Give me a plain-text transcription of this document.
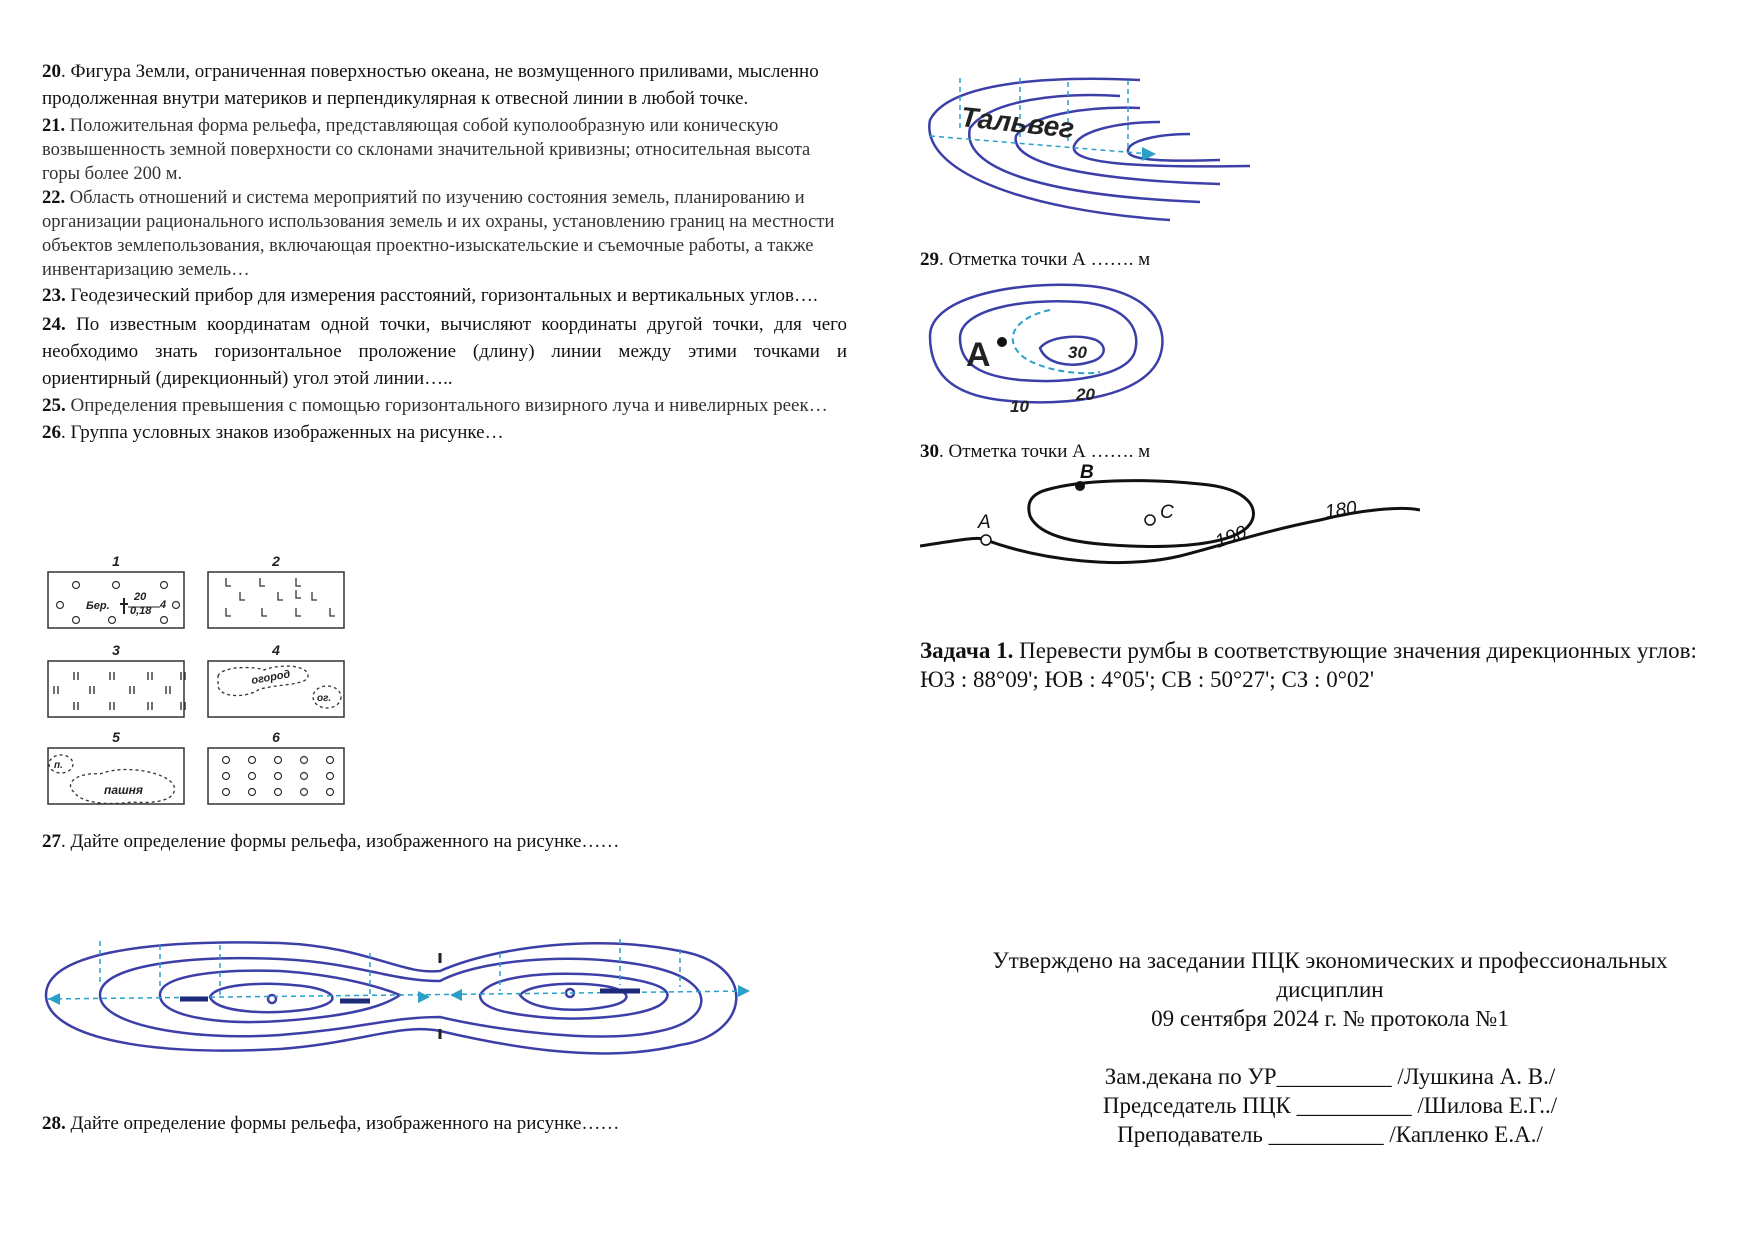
20. Фигура Земли, ограниченная поверхностью океана, не возмущенного приливами, мысленно продолженная внутри материков и перпендикулярная к отвесной линии в любой точке.

21. Положительная форма рельефа, представляющая собой куполообразную или коническую возвышенность земной поверхности со склонами значительной кривизны; относительная высота горы более 200 м.

22. Область отношений и система мероприятий по изучению состояния земель, планированию и организации рационального использования земель и их охраны, установлению границ на местности объектов землепользования, включающая проектно-изыскательские и съемочные работы, а также инвентаризацию земель…

23. Геодезический прибор для измерения расстояний, горизонтальных и вертикальных углов….

24. По известным координатам одной точки, вычисляют координаты другой точки, для чего необходимо знать горизонтальное проложение (длину) линии между этими точками и ориентирный (дирекционный) угол этой линии…..

25. Определения превышения с помощью горизонтального визирного луча и нивелирных реек…

26. Группа условных знаков изображенных на рисунке…

1	2
3	4
5	6
Бер.
20
0,18 4
огород
ог.
п.
пашня

27. Дайте определение формы рельефа, изображенного на рисунке……

28. Дайте определение формы рельефа, изображенного на рисунке……

Тальвег

29. Отметка точки А ……. м

A	30
20
10

30. Отметка точки А ……. м

A
B
C
190
180
Задача 1. Перевести румбы в соответствующие значения дирекционных углов:
ЮЗ : 88°09'; ЮВ : 4°05'; СВ : 50°27'; СЗ : 0°02'
Утверждено на заседании ПЦК экономических и профессиональных
дисциплин
09 сентября 2024 г. № протокола №1
Зам.декана по УР__________ /Лушкина А. В./
Председатель ПЦК __________ /Шилова Е.Г../
Преподаватель __________ /Капленко Е.А./
